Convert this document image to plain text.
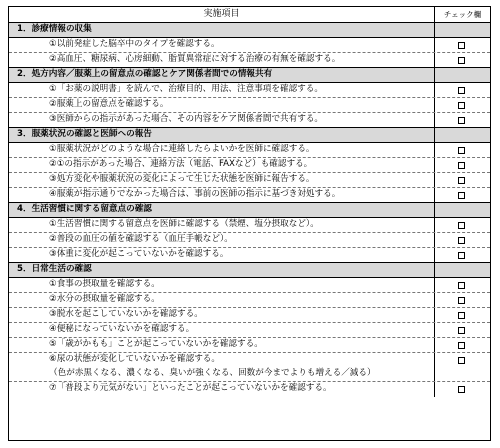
実施項目	チェック欄
1．診療情報の収集
①以前発症した脳卒中のタイプを確認する。
②高血圧、糖尿病、心房細動、脂質異常症に対する治療の有無を確認する。
2．処方内容／服薬上の留意点の確認とケア関係者間での情報共有
①「お薬の説明書」を読んで、治療目的、用法、注意事項を確認する。
②服薬上の留意点を確認する。
③医師からの指示があった場合、その内容をケア関係者間で共有する。
3．服薬状況の確認と医師への報告
①服薬状況がどのような場合に連絡したらよいかを医師に確認する。
②①の指示があった場合、連絡方法（電話、FAXなど）も確認する。
③処方変化や服薬状況の変化によって生じた状態を医師に報告する。
④服薬が指示通りでなかった場合は、事前の医師の指示に基づき対処する。
4．生活習慣に関する留意点の確認
①生活習慣に関する留意点を医師に確認する（禁煙、塩分摂取など）。
②普段の血圧の値を確認する（血圧手帳など）。
③体重に変化が起こっていないかを確認する。
5．日常生活の確認
①食事の摂取量を確認する。
②水分の摂取量を確認する。
③脱水を起こしていないかを確認する。
④便秘になっていないかを確認する。
⑤「歳がかもも」ことが起こっていないかを確認する。
⑥尿の状態が変化していないかを確認する。
（色が赤黒くなる、濃くなる、臭いが強くなる、回数が今までよりも増える／減る）
⑦「普段より元気がない」といったことが起こっていないかを確認する。
